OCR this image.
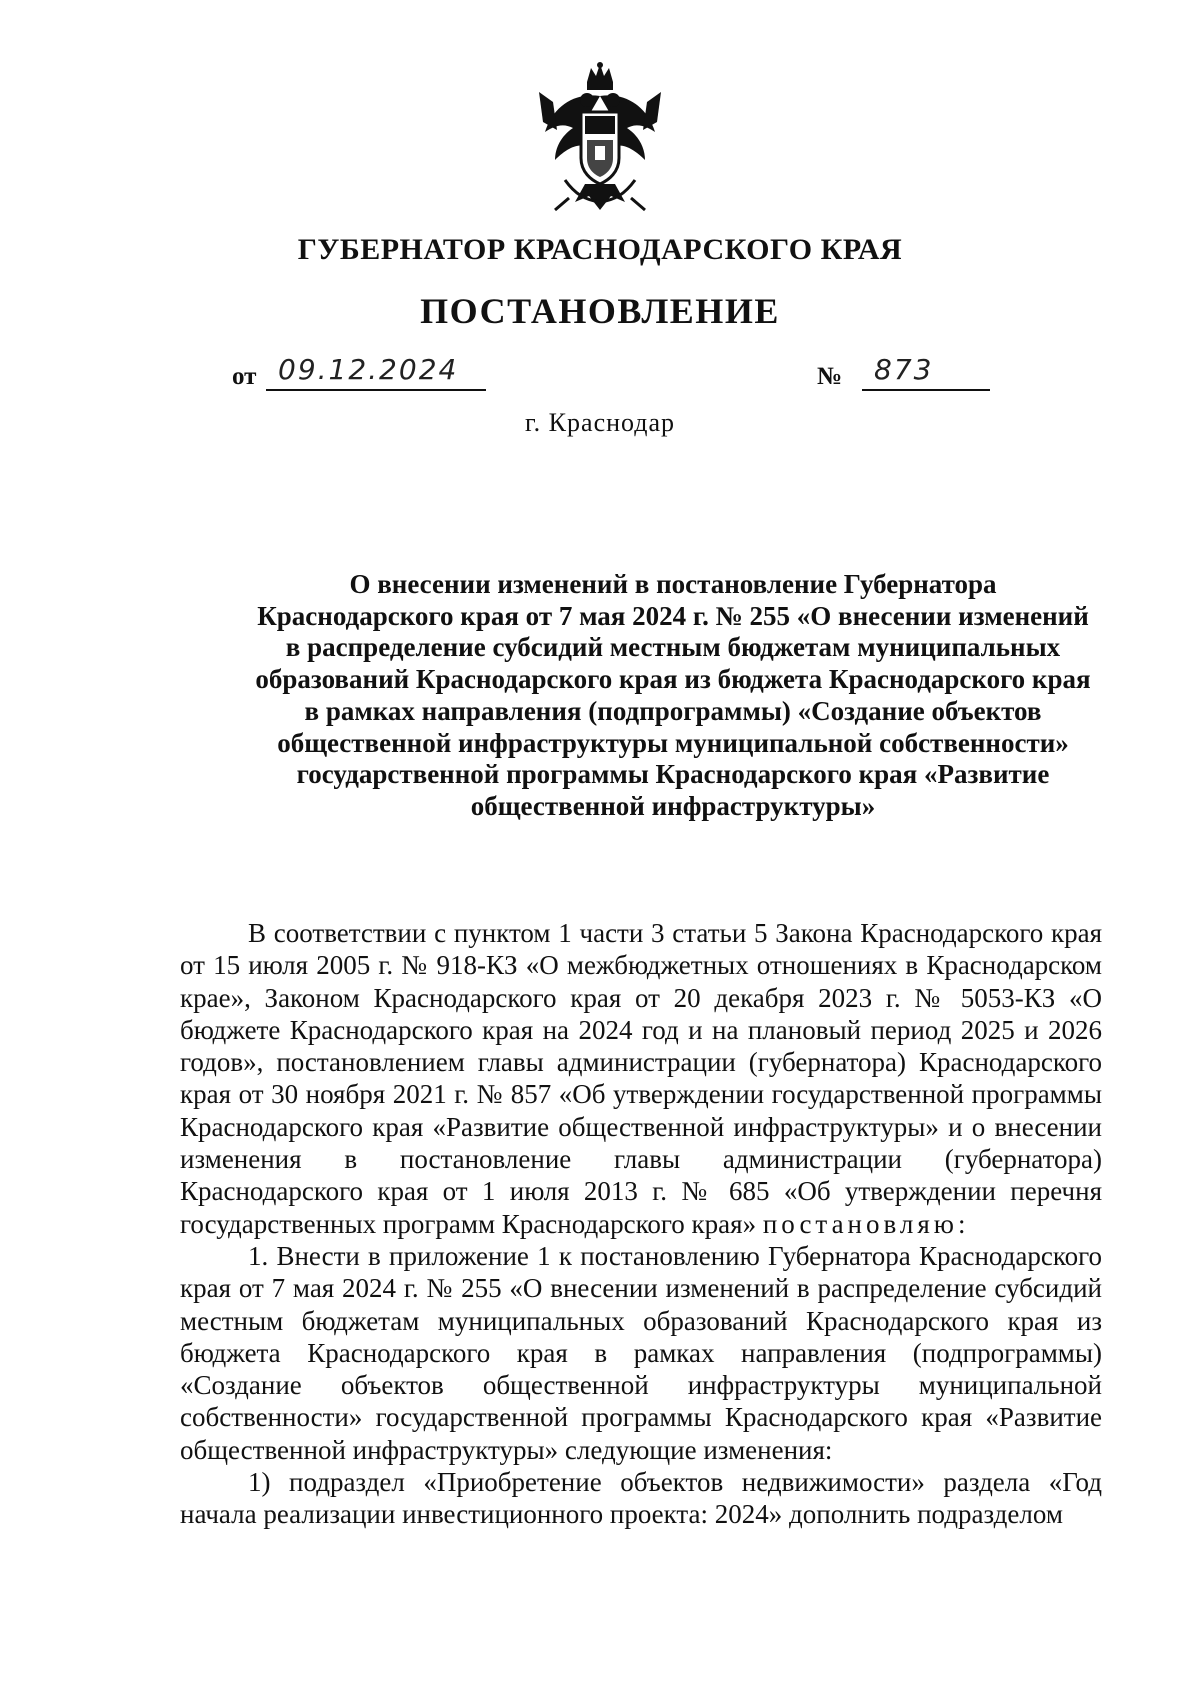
ГУБЕРНАТОР КРАСНОДАРСКОГО КРАЯ
ПОСТАНОВЛЕНИЕ
от 09.12.2024	№ 873
г. Краснодар
О внесении изменений в постановление Губернатора Краснодарского края от 7 мая 2024 г. № 255 «О внесении изменений в распределение субсидий местным бюджетам муниципальных образований Краснодарского края из бюджета Краснодарского края в рамках направления (подпрограммы) «Создание объектов общественной инфраструктуры муниципальной собственности» государственной программы Краснодарского края «Развитие общественной инфраструктуры»

В соответствии с пунктом 1 части 3 статьи 5 Закона Краснодарского края от 15 июля 2005 г. № 918-КЗ «О межбюджетных отношениях в Краснодарском крае», Законом Краснодарского края от 20 декабря 2023 г. № 5053-КЗ «О бюджете Краснодарского края на 2024 год и на плановый период 2025 и 2026 годов», постановлением главы администрации (губернатора) Краснодарского края от 30 ноября 2021 г. № 857 «Об утверждении государственной программы Краснодарского края «Развитие общественной инфраструктуры» и о внесении изменения в постановление главы администрации (губернатора) Краснодарского края от 1 июля 2013 г. № 685 «Об утверждении перечня государственных программ Краснодарского края» постановляю:

1. Внести в приложение 1 к постановлению Губернатора Краснодарского края от 7 мая 2024 г. № 255 «О внесении изменений в распределение субсидий местным бюджетам муниципальных образований Краснодарского края из бюджета Краснодарского края в рамках направления (подпрограммы) «Создание объектов общественной инфраструктуры муниципальной собственности» государственной программы Краснодарского края «Развитие общественной инфраструктуры» следующие изменения:

1) подраздел «Приобретение объектов недвижимости» раздела «Год начала реализации инвестиционного проекта: 2024» дополнить подразделом
